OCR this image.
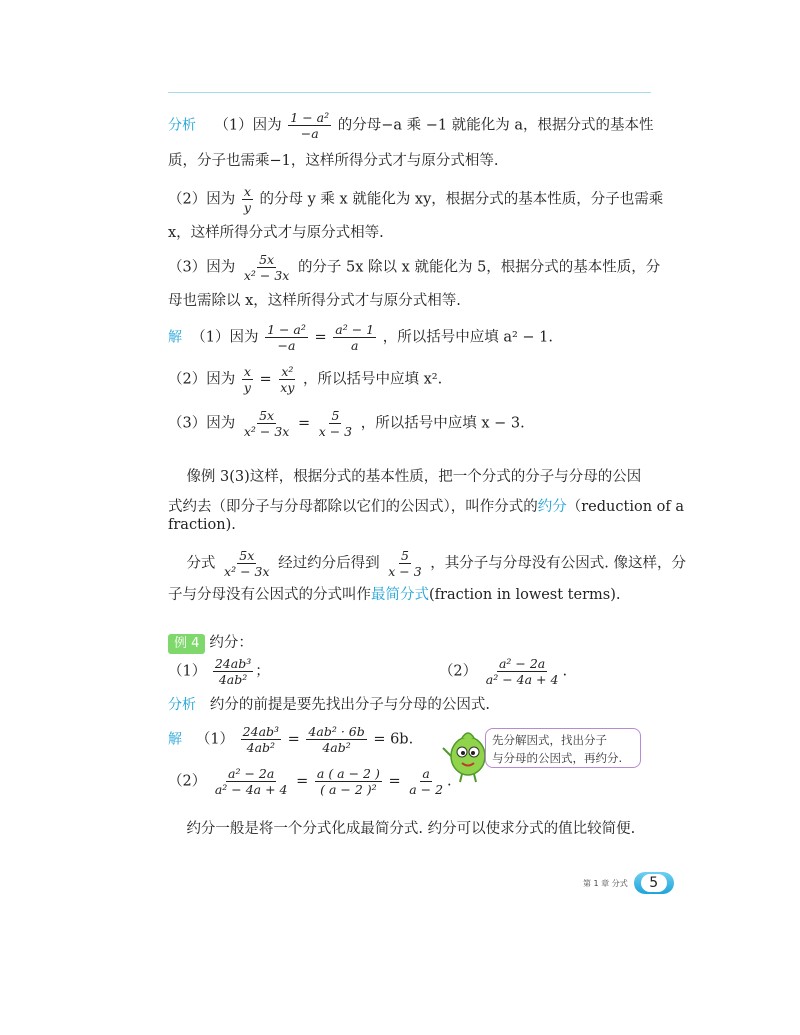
分析 （1）因为 $\frac{\text{1 − a²}}{-a}$ 的分母−a 乘 −1 就能化为 a，根据分式的基本性
质，分子也需乘−1，这样所得分式才与原分式相等.
（2）因为 $\frac{x}{y}$ 的分母 y 乘 x 就能化为 xy，根据分式的基本性质，分子也需乘
x，这样所得分式才与原分式相等.
（3）因为 $\frac{5x}{\text{x² − 3x}}$ 的分子 5x 除以 x 就能化为 5，根据分式的基本性质，分
母也需除以 x，这样所得分式才与原分式相等.
解 （1）因为 $\frac{\text{1 − a²}}{-a} = \frac{\text{a² − 1}}{a}$ ，所以括号中应填 a² − 1.
（2）因为 $\frac{x}{y} = \frac{\text{x²}}{xy}$ ，所以括号中应填 x².
（3）因为 $\frac{5x}{\text{x² − 3x}} = \frac{5}{x - 3}$ ，所以括号中应填 x − 3.
像例 3(3)这样，根据分式的基本性质，把一个分式的分子与分母的公因
式约去（即分子与分母都除以它们的公因式），叫作分式的约分（reduction of a
fraction).
分式 $\frac{5x}{\text{x² − 3x}}$ 经过约分后得到 $\frac{5}{x - 3}$ ，其分子与分母没有公因式. 像这样，分
子与分母没有公因式的分式叫作最简分式(fraction in lowest terms).
例 4 约分：
$(1) \frac{\text{24ab³}}{\text{4ab²}}$ ；	$(2) \frac{\text{a² − 2a}}{\text{a² − 4a + 4}}$ .
分析 约分的前提是要先找出分子与分母的公因式.
解 $(1) \frac{\text{24ab³}}{\text{4ab²}} = \frac{\text{4ab² · 6b}}{\text{4ab²}} = 6b$.
$(2) \frac{\text{a² − 2a}}{\text{a² − 4a + 4}} = \frac{a ( a - 2 )}{\text{( a − 2 )²}} = \frac{a}{a - 2}$ .
先分解因式，找出分子
与分母的公因式，再约分.
约分一般是将一个分式化成最简分式. 约分可以使求分式的值比较简便.
第 1 章 分式	5
